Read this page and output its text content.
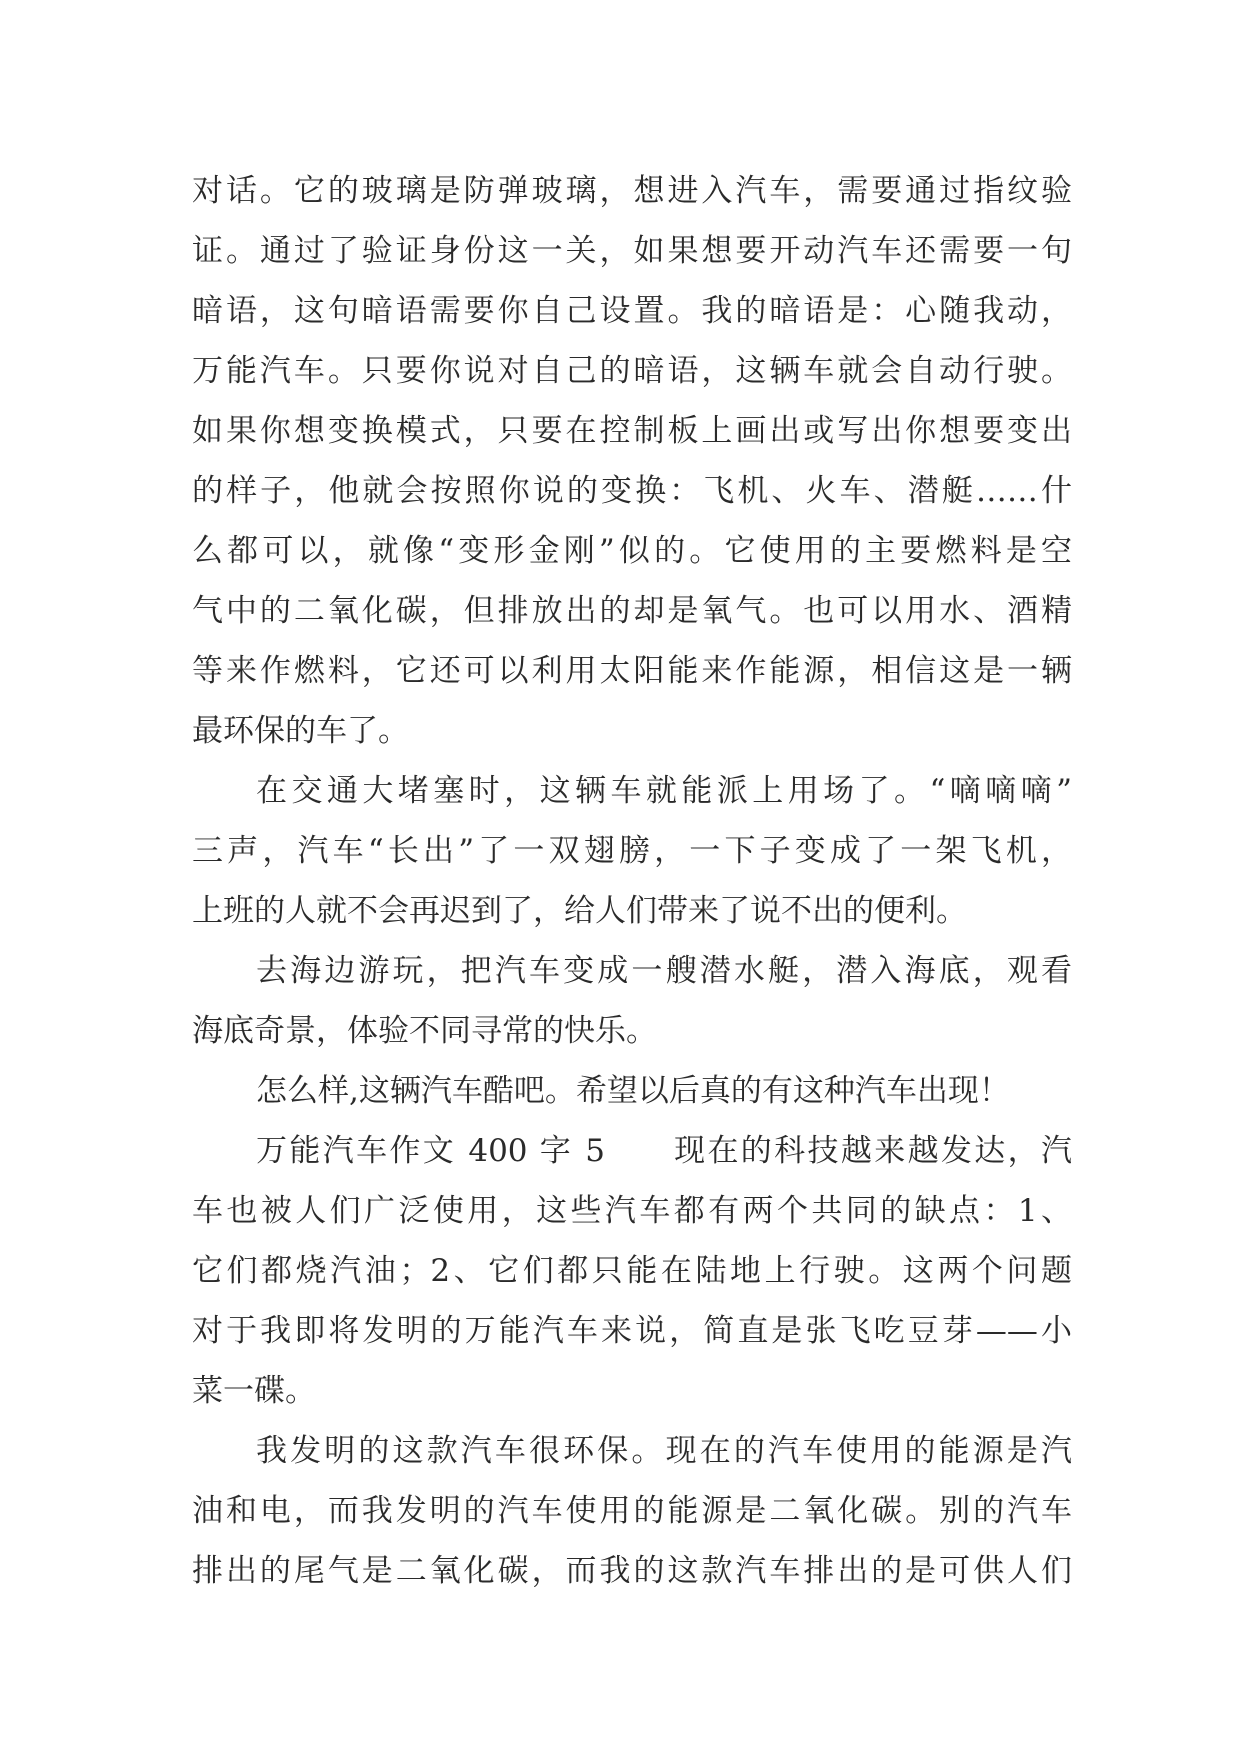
对话。它的玻璃是防弹玻璃，想进入汽车，需要通过指纹验
证。通过了验证身份这一关，如果想要开动汽车还需要一句
暗语，这句暗语需要你自己设置。我的暗语是：心随我动，
万能汽车。只要你说对自己的暗语，这辆车就会自动行驶。
如果你想变换模式，只要在控制板上画出或写出你想要变出
的样子，他就会按照你说的变换：飞机、火车、潜艇……什
么都可以，就像“变形金刚”似的。它使用的主要燃料是空
气中的二氧化碳，但排放出的却是氧气。也可以用水、酒精
等来作燃料，它还可以利用太阳能来作能源，相信这是一辆
最环保的车了。
在交通大堵塞时，这辆车就能派上用场了。“嘀嘀嘀”
三声，汽车“长出”了一双翅膀，一下子变成了一架飞机，
上班的人就不会再迟到了，给人们带来了说不出的便利。
去海边游玩，把汽车变成一艘潜水艇，潜入海底，观看
海底奇景，体验不同寻常的快乐。
怎么样,这辆汽车酷吧。希望以后真的有这种汽车出现！
万能汽车作文 400 字 5　　现在的科技越来越发达，汽
车也被人们广泛使用，这些汽车都有两个共同的缺点：1、
它们都烧汽油；2、它们都只能在陆地上行驶。这两个问题
对于我即将发明的万能汽车来说，简直是张飞吃豆芽——小
菜一碟。
我发明的这款汽车很环保。现在的汽车使用的能源是汽
油和电，而我发明的汽车使用的能源是二氧化碳。别的汽车
排出的尾气是二氧化碳，而我的这款汽车排出的是可供人们
